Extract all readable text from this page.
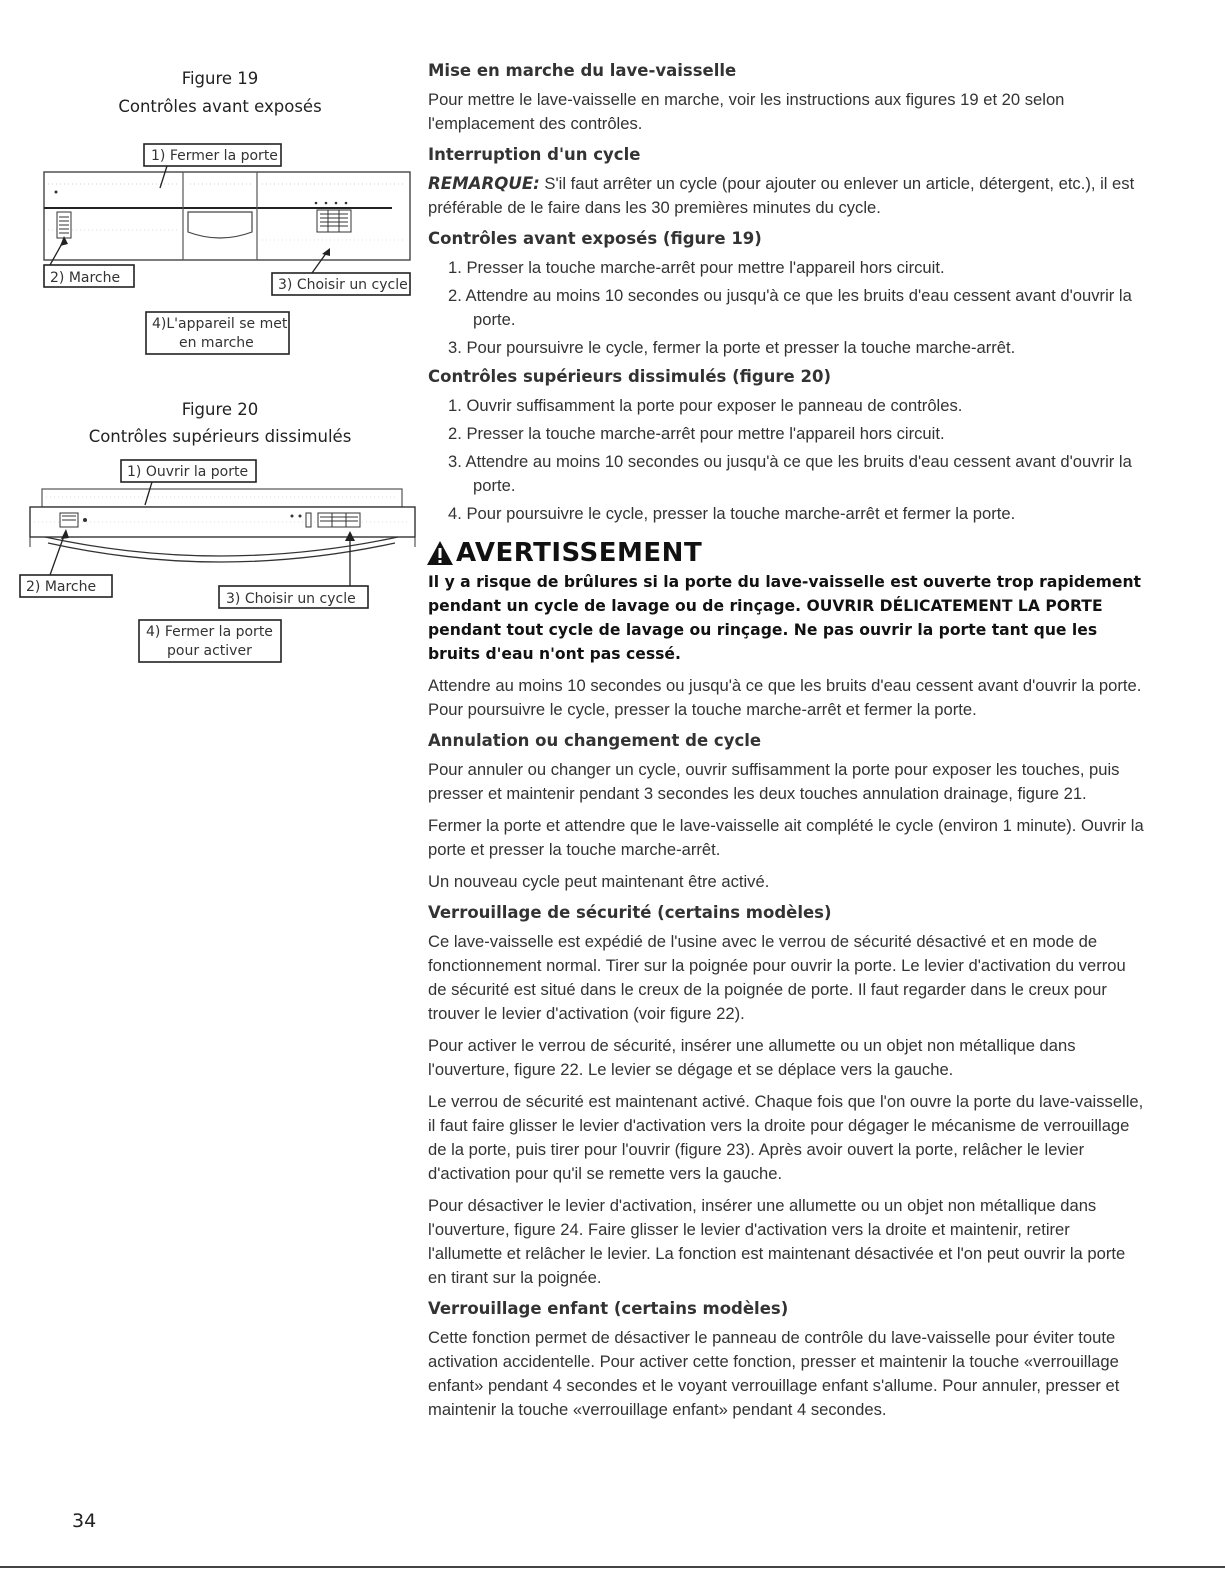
Figure 19
Contrôles avant exposés
1) Fermer la porte
2) Marche	3) Choisir un cycle
4)L'appareil se met
en marche
Figure 20
Contrôles supérieurs dissimulés
1) Ouvrir la porte
2) Marche
3) Choisir un cycle
4) Fermer la porte
pour activer
Mise en marche du lave-vaisselle
Pour mettre le lave-vaisselle en marche, voir les instructions aux figures 19 et 20 selon l'emplacement des contrôles.
Interruption d'un cycle
REMARQUE: S'il faut arrêter un cycle (pour ajouter ou enlever un article, détergent, etc.), il est préférable de le faire dans les 30 premières minutes du cycle.
Contrôles avant exposés (figure 19)
1. Presser la touche marche-arrêt pour mettre l'appareil hors circuit.
2. Attendre au moins 10 secondes ou jusqu'à ce que les bruits d'eau cessent avant d'ouvrir la porte.
3. Pour poursuivre le cycle, fermer la porte et presser la touche marche-arrêt.
Contrôles supérieurs dissimulés (figure 20)
1. Ouvrir suffisamment la porte pour exposer le panneau de contrôles.
2. Presser la touche marche-arrêt pour mettre l'appareil hors circuit.
3. Attendre au moins 10 secondes ou jusqu'à ce que les bruits d'eau cessent avant d'ouvrir la porte.
4. Pour poursuivre le cycle, presser la touche marche-arrêt et fermer la porte.
AVERTISSEMENT
Il y a risque de brûlures si la porte du lave-vaisselle est ouverte trop rapidement pendant un cycle de lavage ou de rinçage. OUVRIR DÉLICATEMENT LA PORTE pendant tout cycle de lavage ou rinçage. Ne pas ouvrir la porte tant que les bruits d'eau n'ont pas cessé.
Attendre au moins 10 secondes ou jusqu'à ce que les bruits d'eau cessent avant d'ouvrir la porte. Pour poursuivre le cycle, presser la touche marche-arrêt et fermer la porte.
Annulation ou changement de cycle
Pour annuler ou changer un cycle, ouvrir suffisamment la porte pour exposer les touches, puis presser et maintenir pendant 3 secondes les deux touches annulation drainage, figure 21.
Fermer la porte et attendre que le lave-vaisselle ait complété le cycle (environ 1 minute). Ouvrir la porte et presser la touche marche-arrêt.
Un nouveau cycle peut maintenant être activé.
Verrouillage de sécurité (certains modèles)
Ce lave-vaisselle est expédié de l'usine avec le verrou de sécurité désactivé et en mode de fonctionnement normal. Tirer sur la poignée pour ouvrir la porte. Le levier d'activation du verrou de sécurité est situé dans le creux de la poignée de porte. Il faut regarder dans le creux pour trouver le levier d'activation (voir figure 22).
Pour activer le verrou de sécurité, insérer une allumette ou un objet non métallique dans l'ouverture, figure 22. Le levier se dégage et se déplace vers la gauche.
Le verrou de sécurité est maintenant activé. Chaque fois que l'on ouvre la porte du lave-vaisselle, il faut faire glisser le levier d'activation vers la droite pour dégager le mécanisme de verrouillage de la porte, puis tirer pour l'ouvrir (figure 23). Après avoir ouvert la porte, relâcher le levier d'activation pour qu'il se remette vers la gauche.
Pour désactiver le levier d'activation, insérer une allumette ou un objet non métallique dans l'ouverture, figure 24. Faire glisser le levier d'activation vers la droite et maintenir, retirer l'allumette et relâcher le levier. La fonction est maintenant désactivée et l'on peut ouvrir la porte en tirant sur la poignée.
Verrouillage enfant (certains modèles)
Cette fonction permet de désactiver le panneau de contrôle du lave-vaisselle pour éviter toute activation accidentelle. Pour activer cette fonction, presser et maintenir la touche «verrouillage enfant» pendant 4 secondes et le voyant verrouillage enfant s'allume. Pour annuler, presser et maintenir la touche «verrouillage enfant» pendant 4 secondes.
34
